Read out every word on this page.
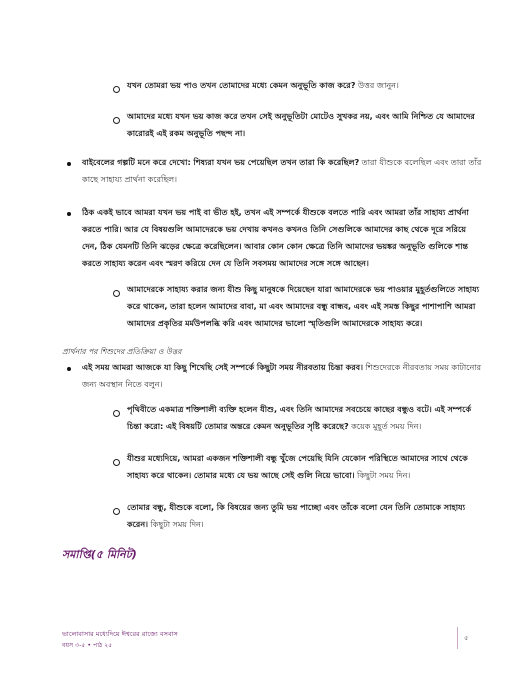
যখন তোমরা ভয় পাও তখন তোমাদের মধ্যে কেমন অনুভূতি কাজ করে? উত্তর জানুন।
আমাদের মধ্যে যখন ভয় কাজ করে তখন সেই অনুভূতিটা মোটেও সুখকর নয়, এবং আমি নিশ্চিত যে আমাদের কারোরই এই রকম অনুভূতি পছন্দ না।
বাইবেলের গল্পটি মনে করে দেখো: শিষ্যরা যখন ভয় পেয়েছিল তখন তারা কি করেছিল? তারা যীশুকে বলেছিল এবং তারা তাঁর কাছে সাহায্য প্রার্থনা করেছিল।
ঠিক একই ভাবে আমরা যখন ভয় পাই বা ভীত হই, তখন এই সম্পর্কে যীশুকে বলতে পারি এবং আমরা তাঁর সাহায্য প্রার্থনা করতে পারি। আর যে বিষয়গুলি আমাদেরকে ভয় দেখায় কখনও কখনও তিনি সেগুলিকে আমাদের কাছ থেকে দূরে সরিয়ে দেন, ঠিক যেমনটি তিনি ঝড়ের ক্ষেত্রে করেছিলেন। আবার কোন কোন ক্ষেত্রে তিনি আমাদের ভয়ঙ্কর অনুভূতি গুলিকে শান্ত করতে সাহায্য করেন এবং স্মরণ করিয়ে দেন যে তিনি সবসময় আমাদের সঙ্গে সঙ্গে আছেন।
আমাদেরকে সাহায্য করার জন্য যীশু কিছু মানুষকে দিয়েছেন যারা আমাদেরকে ভয় পাওয়ার মুহূর্তগুলিতে সাহায্য করে থাকেন, তারা হলেন আমাদের বাবা, মা এবং আমাদের বন্ধু বান্ধব, এবং এই সমস্ত কিছুর পাশাপাশি আমরা আমাদের প্রকৃতির মর্মউপলব্ধি করি এবং আমাদের ভালো স্মৃতিগুলি আমাদেরকে সাহায্য করে।
প্রার্থনার পর শিশুদের প্রতিক্রিয়া ও উত্তর
এই সময় আমরা আজকে যা কিছু শিখেছি সেই সম্পর্কে কিছুটা সময় নীরবতায় চিন্তা করব। শিশুদেরকে নীরবতায় সময় কাটানোর জন্য অবস্থান নিতে বলুন।
পৃথিবীতে একমাত্র শক্তিশালী ব্যক্তি হলেন যীশু, এবং তিনি আমাদের সবচেয়ে কাছের বন্ধুও বটে। এই সম্পর্কে চিন্তা করো: এই বিষয়টি তোমার অন্তরে কেমন অনুভূতির সৃষ্টি করেছে? কয়েক মুহূর্ত সময় দিন।
যীশুর মধ্যেদিয়ে, আমরা একজন শক্তিশালী বন্ধু খুঁজে পেয়েছি যিনি যেকোন পরিস্থিতে আমাদের সাথে থেকে সাহায্য করে থাকেন। তোমার মধ্যে যে ভয় আছে সেই গুলি নিয়ে ভাবো। কিছুটা সময় দিন।
তোমার বন্ধু, যীশুকে বলো, কি বিষয়ের জন্য তুমি ভয় পাচ্ছো এবং তাঁকে বলো যেন তিনি তোমাকে সাহায্য করেন। কিছুটা সময় দিন।
সমাপ্তি(৫ মিনিট)
ভালোবাসার মধ্যেদিয়ে ঈশ্বরের রাজ্যে বসবাস
বয়স ৩-৫ • পাঠ ২৫
৫
